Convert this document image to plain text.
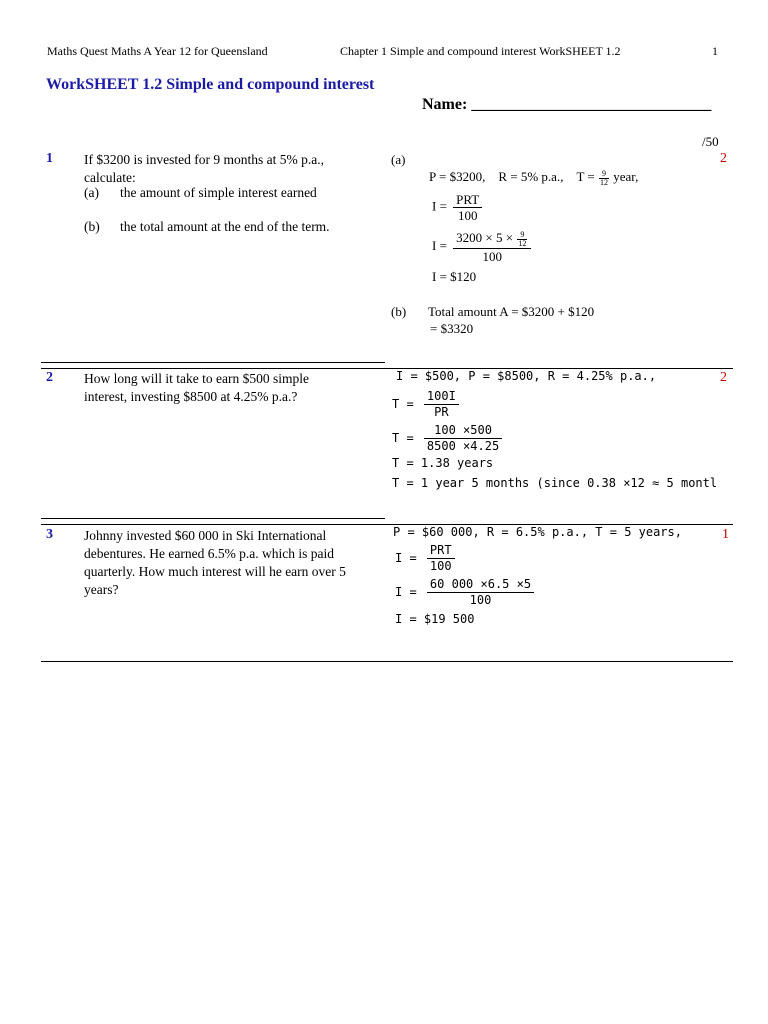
Maths Quest Maths A Year 12 for Queensland	Chapter 1 Simple and compound interest WorkSHEET 1.2	1
WorkSHEET 1.2 Simple and compound interest
Name: ______________________________
/50
1 If $3200 is invested for 9 months at 5% p.a., calculate:
(a) the amount of simple interest earned
(b) the total amount at the end of the term.
2
(a)
P = $3200, R = 5% p.a., $T = \frac{9}{12}$ year,
$I = \frac{\text{PRT}}{100}$
$I = \frac{3200 \times 5 \times \frac{9}{12}}{100}$
I = $120
(b) Total amount A = $3200 + $120
= $3320
2 How long will it take to earn $500 simple interest, investing $8500 at 4.25% p.a.?
2
I = $500, P = $8500, R = 4.25% p.a.,
$T = \frac{100I}{PR}$
$T = \frac{100 \times 500}{8500 \times 4.25}$
T = 1.38 years
T = 1 year 5 months (since 0.38 ×12 ≈ 5 montl
3 Johnny invested $60 000 in Ski International debentures. He earned 6.5% p.a. which is paid quarterly. How much interest will he earn over 5 years?
1
P = $60 000, R = 6.5% p.a., T = 5 years,
$I = \frac{\text{PRT}}{100}$
$I = \frac{60 000 \times 6.5 \times 5}{100}$
I = $19 500
